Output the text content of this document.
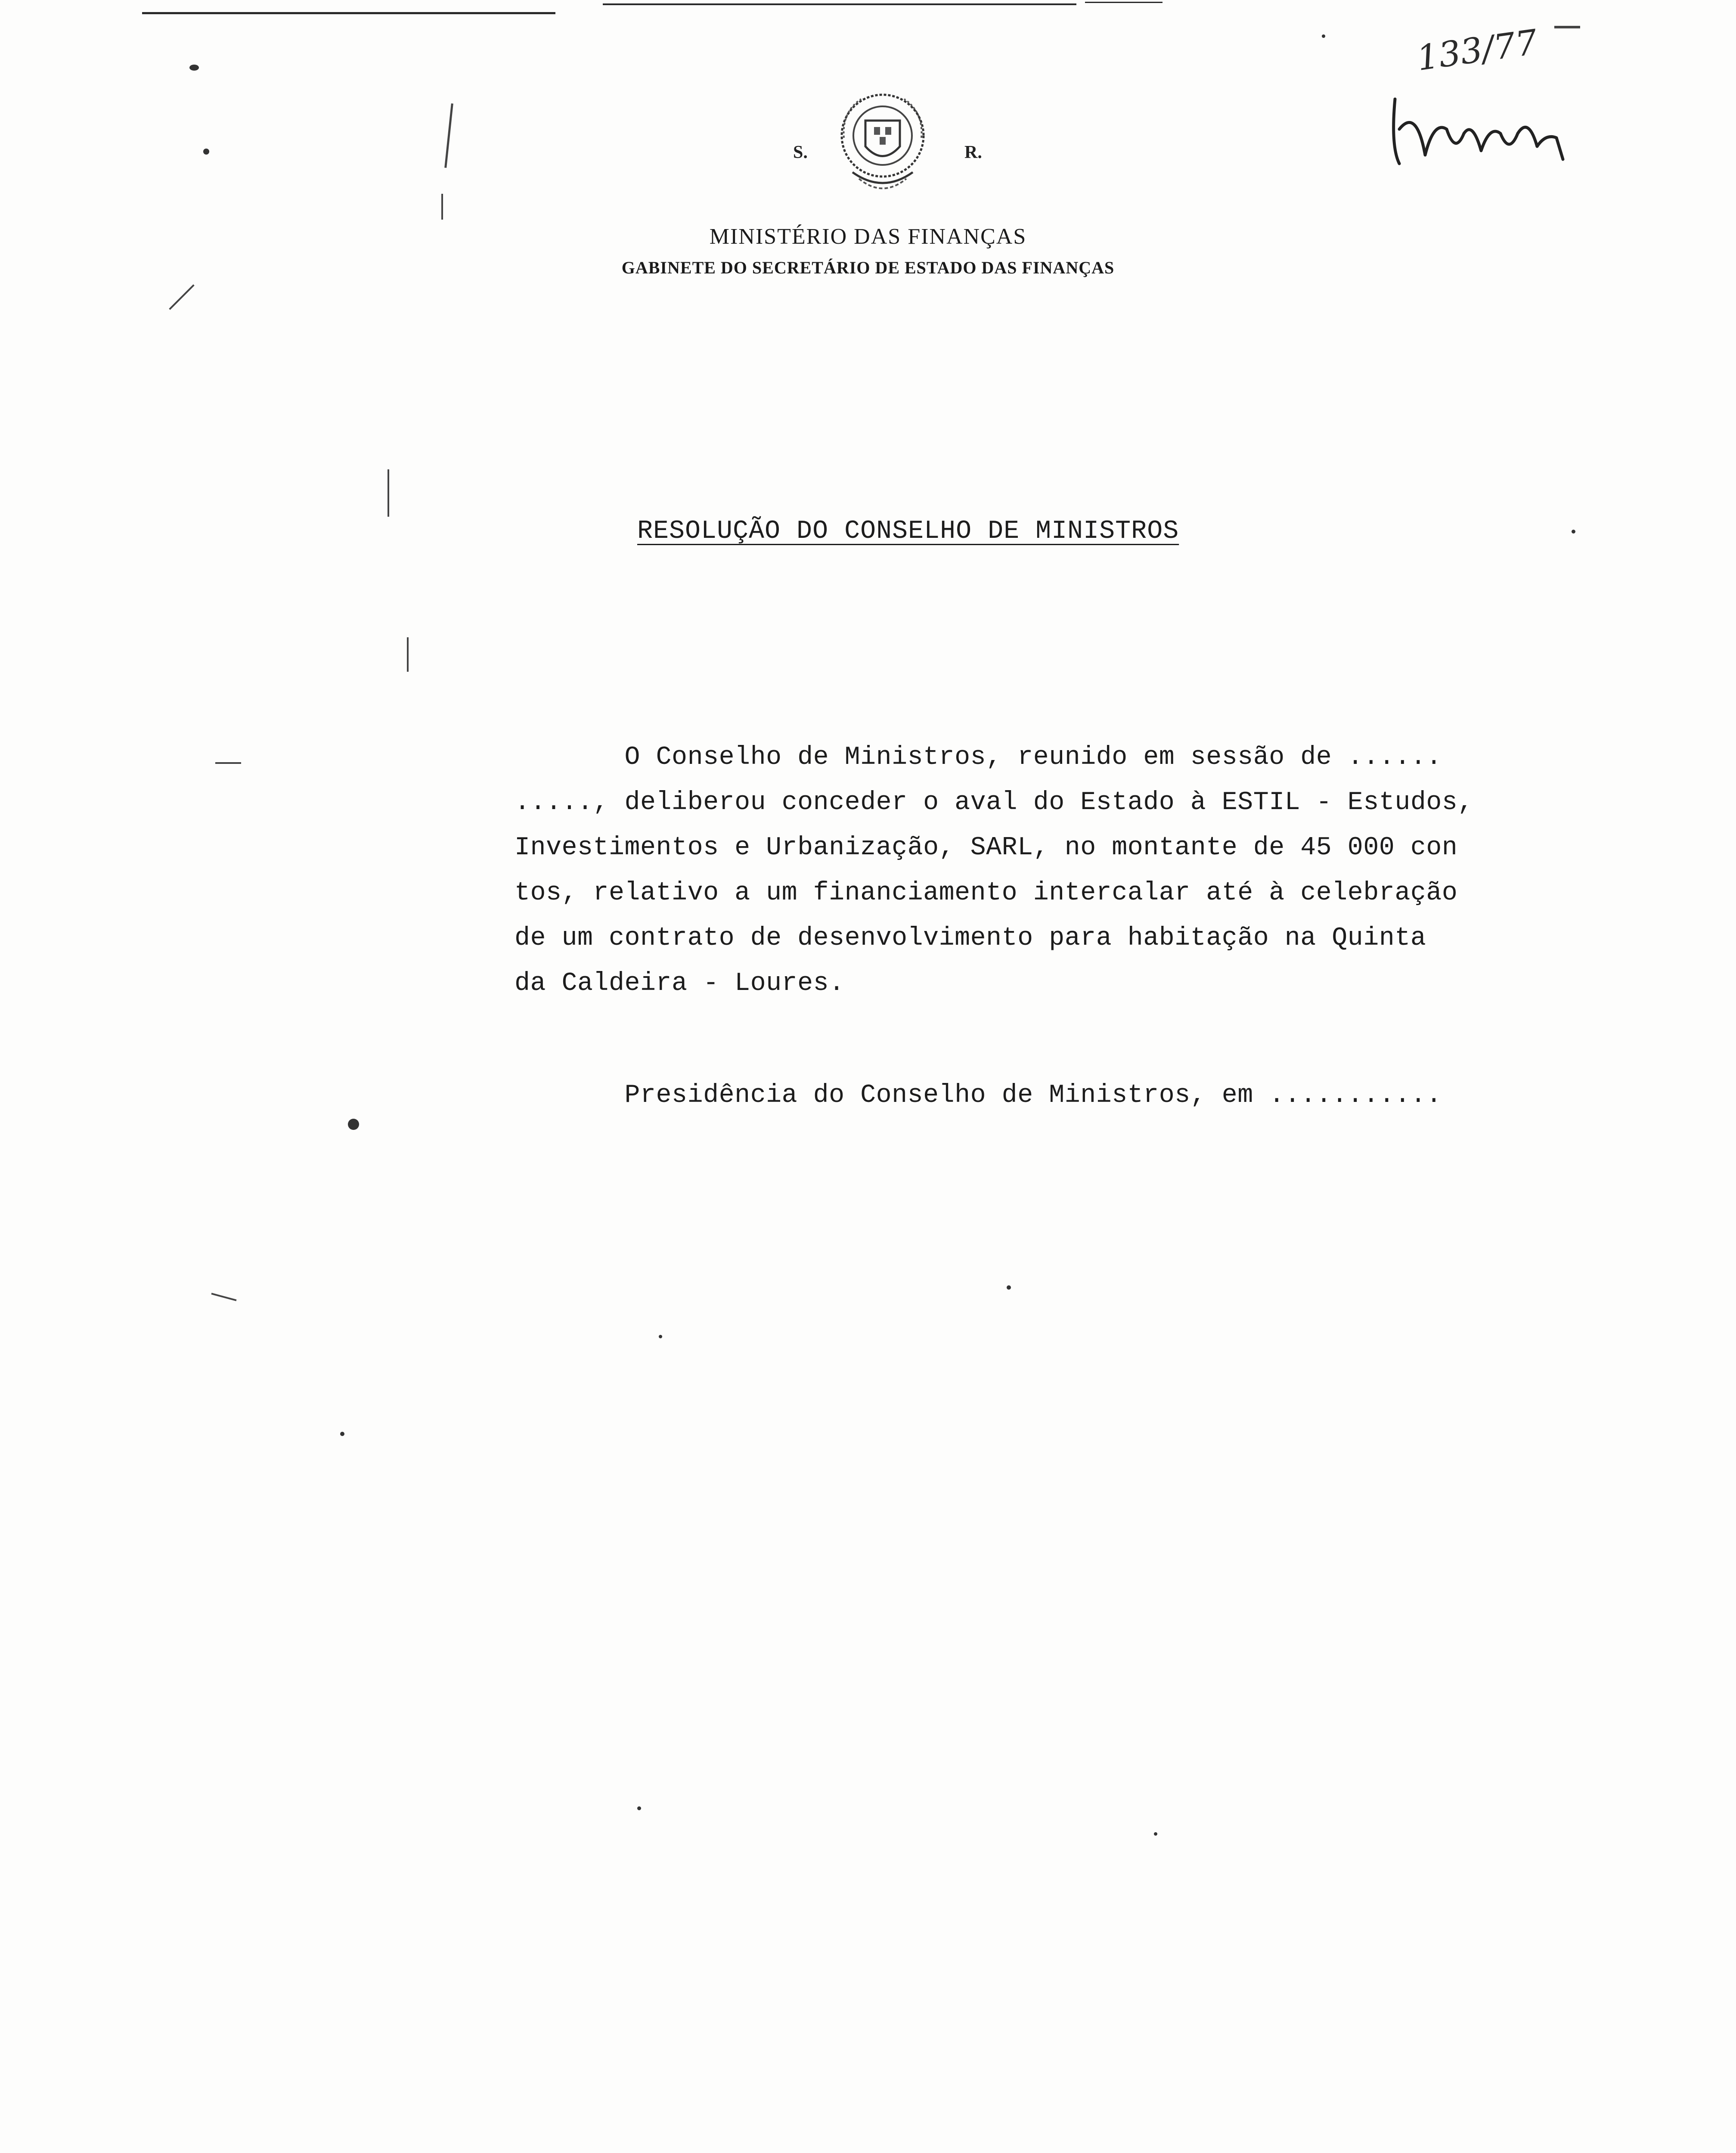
S.	R.
MINISTÉRIO DAS FINANÇAS
GABINETE DO SECRETÁRIO DE ESTADO DAS FINANÇAS
133/77
RESOLUÇÃO DO CONSELHO DE MINISTROS
O Conselho de Ministros, reunido em sessão de ......
....., deliberou conceder o aval do Estado à ESTIL - Estudos,
Investimentos e Urbanização, SARL, no montante de 45 000 con
tos, relativo a um financiamento intercalar até à celebração
de um contrato de desenvolvimento para habitação na Quinta
da Caldeira - Loures.
Presidência do Conselho de Ministros, em ...........
